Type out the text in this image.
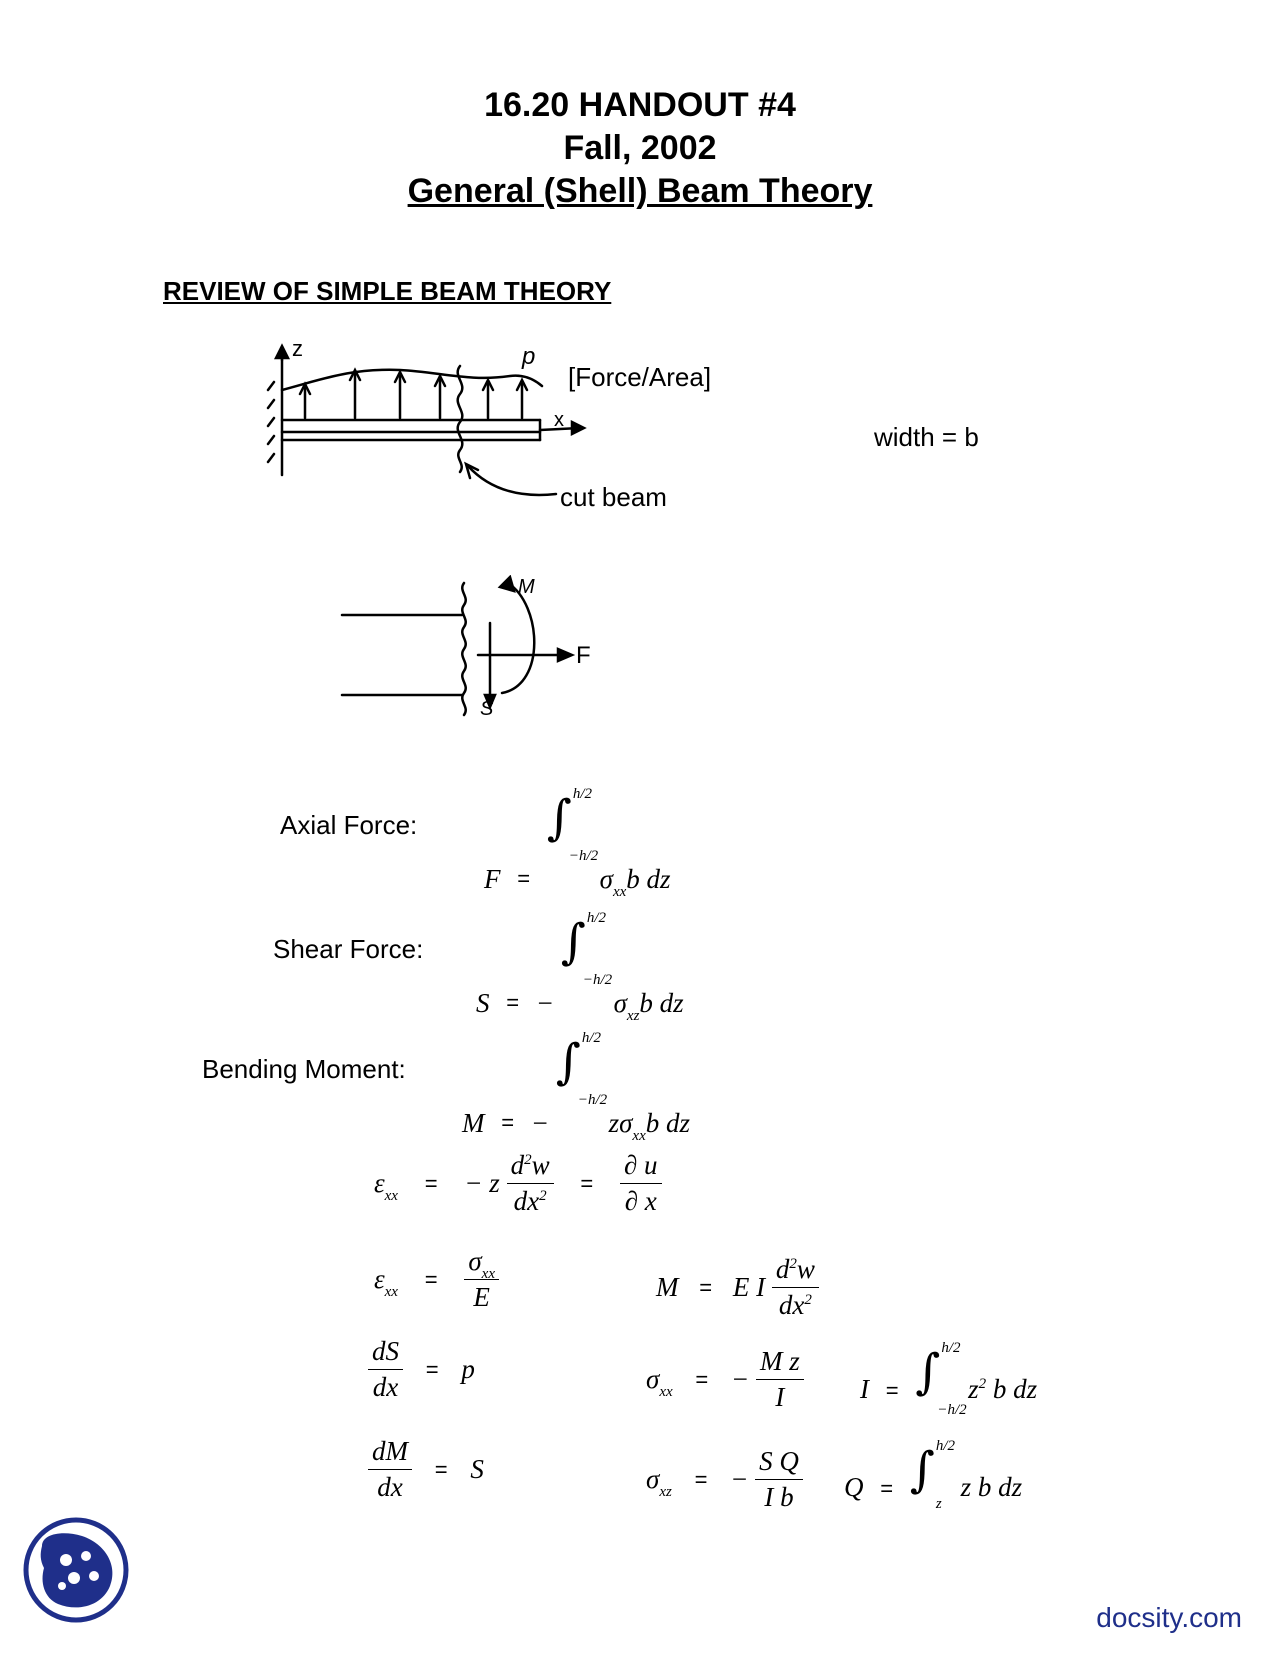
16.20 HANDOUT #4
Fall, 2002
General (Shell) Beam Theory
REVIEW OF SIMPLE BEAM THEORY
z	p
x
[Force/Area]
cut beam
width = b
M
F
S
Axial Force:
F $_=$
∫ h/2
−h/2
$\sigma_{xx}b$ dz
Shear Force:
S $_=$ −
∫ h/2
−h/2
$\sigma_{xz}b$ dz
Bending Moment:
M $_=$ −
∫ h/2
−h/2
$z\sigma_{xx}b$ dz
$\varepsilon_{xx}$ = − z $\frac{d^2w}{dx^2} = \frac{\partial u}{\partial x}$
$\varepsilon_{xx} = \frac{\sigma_{xx}}{E}$	M = E I $\frac{d^2w}{dx^2}$
$\frac{dS}{dx} = p$	$\sigma_{xx}$ = − $\frac{\text{M z}}{I}$ I = ∫ h/2
−h/2
$z^2$ b dz
$\frac{dM}{dx} = S$	$\sigma_{xz}$ = − $\frac{\text{S Q}}{\text{I b}}$ Q = ∫ h/2
z
z b dz
docsity.com
